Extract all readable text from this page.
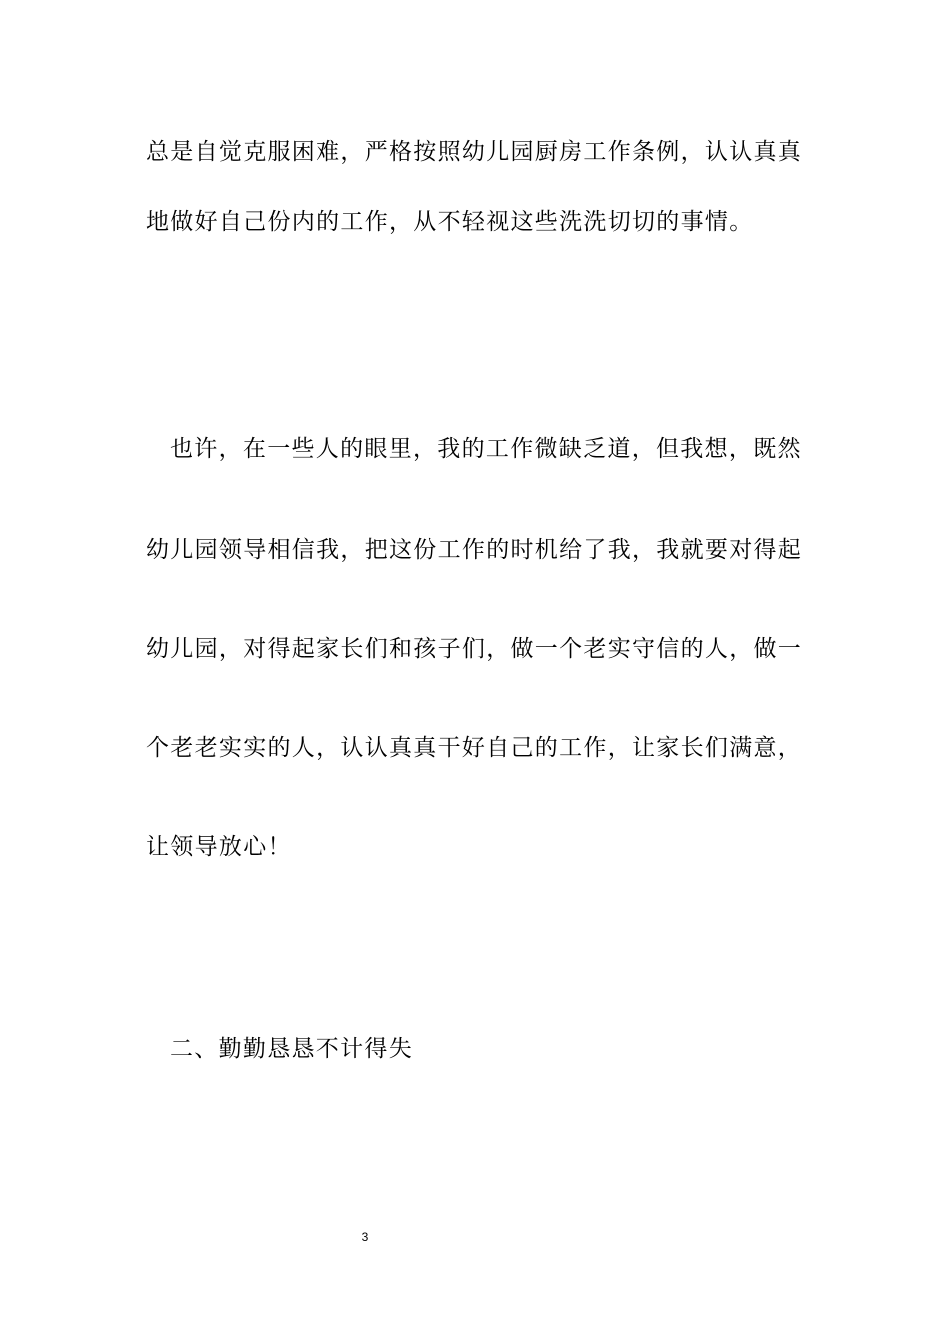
总是自觉克服困难，严格按照幼儿园厨房工作条例，认认真真

地做好自己份内的工作，从不轻视这些洗洗切切的事情。

也许，在一些人的眼里，我的工作微缺乏道，但我想，既然

幼儿园领导相信我，把这份工作的时机给了我，我就要对得起

幼儿园，对得起家长们和孩子们，做一个老实守信的人，做一

个老老实实的人，认认真真干好自己的工作，让家长们满意，

让领导放心！

二、勤勤恳恳不计得失

3
